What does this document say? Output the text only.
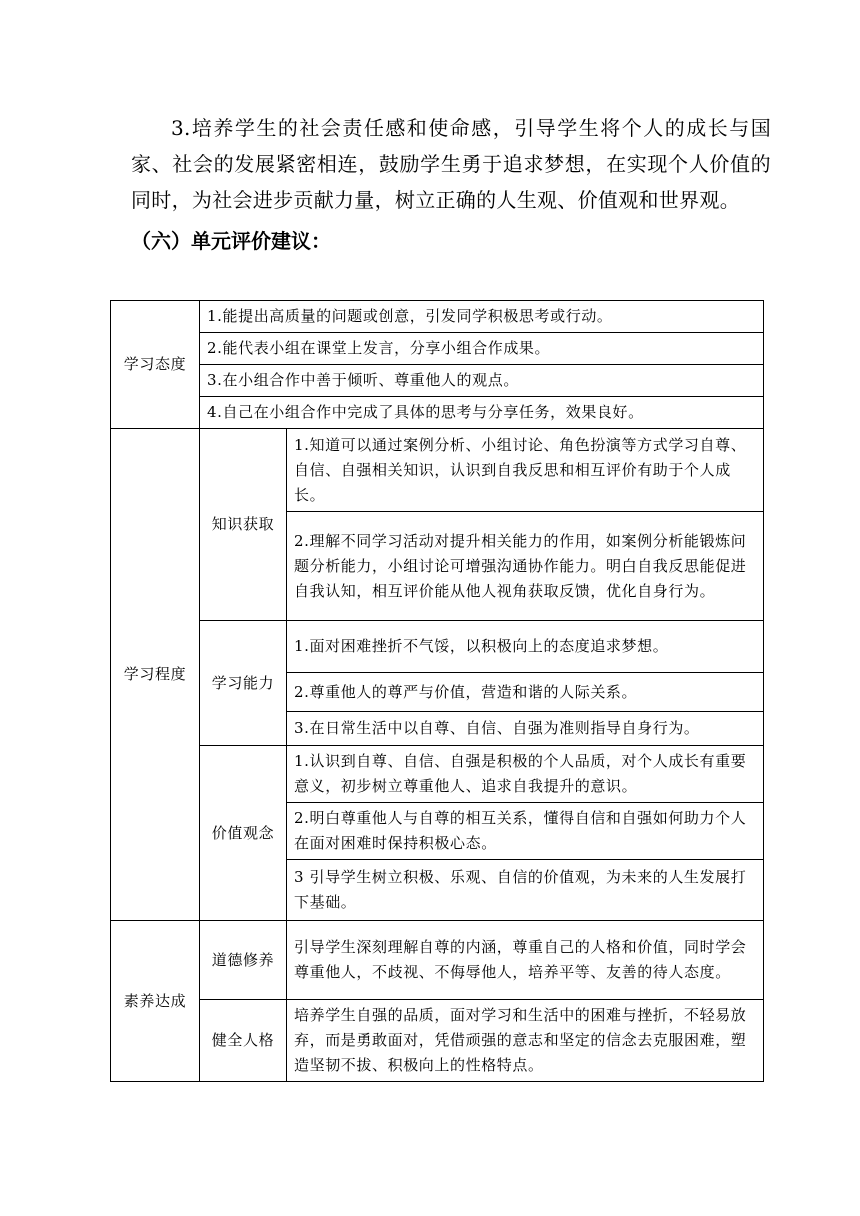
3.培养学生的社会责任感和使命感，引导学生将个人的成长与国家、社会的发展紧密相连，鼓励学生勇于追求梦想，在实现个人价值的同时，为社会进步贡献力量，树立正确的人生观、价值观和世界观。

（六）单元评价建议：
学习态度	1.能提出高质量的问题或创意，引发同学积极思考或行动。	
	2.能代表小组在课堂上发言，分享小组合作成果。	
	3.在小组合作中善于倾听、尊重他人的观点。	
	4.自己在小组合作中完成了具体的思考与分享任务，效果良好。	
学习程度	知识获取	1.知道可以通过案例分析、小组讨论、角色扮演等方式学习自尊、自信、自强相关知识，认识到自我反思和相互评价有助于个人成长。
		2.理解不同学习活动对提升相关能力的作用，如案例分析能锻炼问题分析能力，小组讨论可增强沟通协作能力。明白自我反思能促进自我认知，相互评价能从他人视角获取反馈，优化自身行为。
	学习能力	1.面对困难挫折不气馁，以积极向上的态度追求梦想。
		2.尊重他人的尊严与价值，营造和谐的人际关系。
		3.在日常生活中以自尊、自信、自强为准则指导自身行为。
	价值观念	1.认识到自尊、自信、自强是积极的个人品质，对个人成长有重要意义，初步树立尊重他人、追求自我提升的意识。
		2.明白尊重他人与自尊的相互关系，懂得自信和自强如何助力个人在面对困难时保持积极心态。
		3 引导学生树立积极、乐观、自信的价值观，为未来的人生发展打下基础。
素养达成	道德修养	引导学生深刻理解自尊的内涵，尊重自己的人格和价值，同时学会尊重他人，不歧视、不侮辱他人，培养平等、友善的待人态度。
	健全人格	培养学生自强的品质，面对学习和生活中的困难与挫折，不轻易放弃，而是勇敢面对，凭借顽强的意志和坚定的信念去克服困难，塑造坚韧不拔、积极向上的性格特点。
